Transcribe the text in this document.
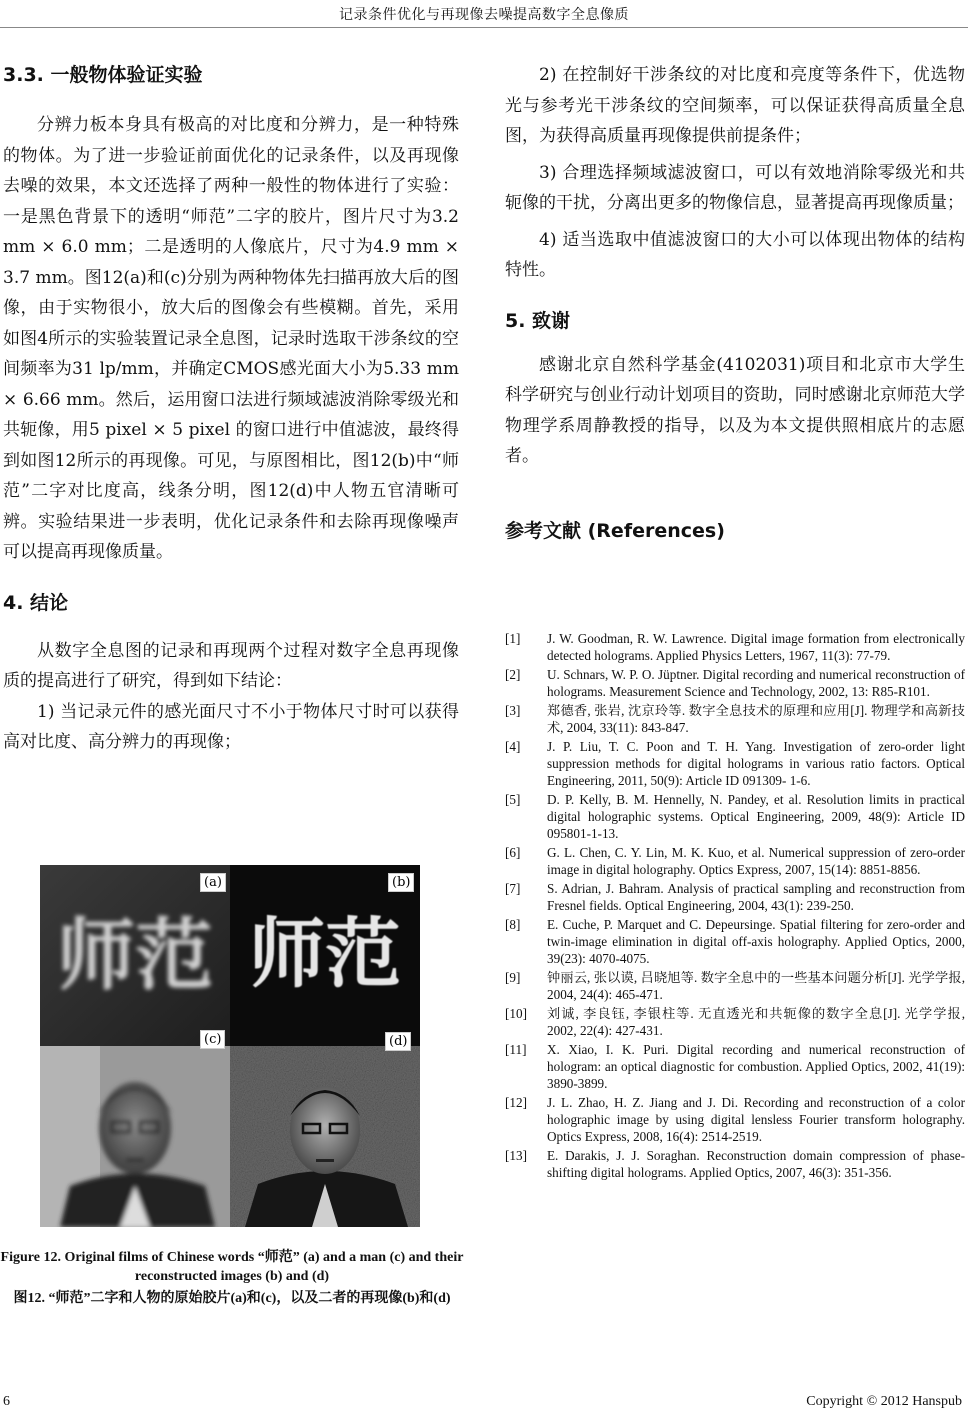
记录条件优化与再现像去噪提高数字全息像质
3.3. 一般物体验证实验

分辨力板本身具有极高的对比度和分辨力，是一种特殊的物体。为了进一步验证前面优化的记录条件，以及再现像去噪的效果，本文还选择了两种一般性的物体进行了实验：一是黑色背景下的透明“师范”二字的胶片，图片尺寸为3.2 mm × 6.0 mm；二是透明的人像底片，尺寸为4.9 mm × 3.7 mm。图12(a)和(c)分别为两种物体先扫描再放大后的图像，由于实物很小，放大后的图像会有些模糊。首先，采用如图4所示的实验装置记录全息图，记录时选取干涉条纹的空间频率为31 lp/mm，并确定CMOS感光面大小为5.33 mm × 6.66 mm。然后，运用窗口法进行频域滤波消除零级光和共轭像，用5 pixel × 5 pixel 的窗口进行中值滤波，最终得到如图12所示的再现像。可见，与原图相比，图12(b)中“师范”二字对比度高，线条分明，图12(d)中人物五官清晰可辨。实验结果进一步表明，优化记录条件和去除再现像噪声可以提高再现像质量。

4. 结论

从数字全息图的记录和再现两个过程对数字全息再现像质的提高进行了研究，得到如下结论：

1) 当记录元件的感光面尺寸不小于物体尺寸时可以获得高对比度、高分辨力的再现像；

师范 师范
(a)	(b)
(c)	(d)
Figure 12. Original films of Chinese words “师范” (a) and a man (c) and their reconstructed images (b) and (d)
图12. “师范”二字和人物的原始胶片(a)和(c)，以及二者的再现像(b)和(d)

2) 在控制好干涉条纹的对比度和亮度等条件下，优选物光与参考光干涉条纹的空间频率，可以保证获得高质量全息图，为获得高质量再现像提供前提条件；

3) 合理选择频域滤波窗口，可以有效地消除零级光和共轭像的干扰，分离出更多的物像信息，显著提高再现像质量；

4) 适当选取中值滤波窗口的大小可以体现出物体的结构特性。

5. 致谢

感谢北京自然科学基金(4102031)项目和北京市大学生科学研究与创业行动计划项目的资助，同时感谢北京师范大学物理学系周静教授的指导，以及为本文提供照相底片的志愿者。

参考文献 (References)
[1]	J. W. Goodman, R. W. Lawrence. Digital image formation from electronically detected holograms. Applied Physics Letters, 1967, 11(3): 77-79.
[2]	U. Schnars, W. P. O. Jüptner. Digital recording and numerical reconstruction of holograms. Measurement Science and Technology, 2002, 13: R85-R101.
[3]	郑德香, 张岩, 沈京玲等. 数字全息技术的原理和应用[J]. 物理学和高新技术, 2004, 33(11): 843-847.
[4]	J. P. Liu, T. C. Poon and T. H. Yang. Investigation of zero-order light suppression methods for digital holograms in various ratio factors. Optical Engineering, 2011, 50(9): Article ID 091309- 1-6.
[5]	D. P. Kelly, B. M. Hennelly, N. Pandey, et al. Resolution limits in practical digital holographic systems. Optical Engineering, 2009, 48(9): Article ID 095801-1-13.
[6]	G. L. Chen, C. Y. Lin, M. K. Kuo, et al. Numerical suppression of zero-order image in digital holography. Optics Express, 2007, 15(14): 8851-8856.
[7]	S. Adrian, J. Bahram. Analysis of practical sampling and reconstruction from Fresnel fields. Optical Engineering, 2004, 43(1): 239-250.
[8]	E. Cuche, P. Marquet and C. Depeursinge. Spatial filtering for zero-order and twin-image elimination in digital off-axis holography. Applied Optics, 2000, 39(23): 4070-4075.
[9]	钟丽云, 张以谟, 吕晓旭等. 数字全息中的一些基本问题分析[J]. 光学学报, 2004, 24(4): 465-471.
[10]	刘诚, 李良钰, 李银柱等. 无直透光和共轭像的数字全息[J]. 光学学报, 2002, 22(4): 427-431.
[11]	X. Xiao, I. K. Puri. Digital recording and numerical reconstruction of hologram: an optical diagnostic for combustion. Applied Optics, 2002, 41(19): 3890-3899.
[12]	J. L. Zhao, H. Z. Jiang and J. Di. Recording and reconstruction of a color holographic image by using digital lensless Fourier transform holography. Optics Express, 2008, 16(4): 2514-2519.
[13]	E. Darakis, J. J. Soraghan. Reconstruction domain compression of phase-shifting digital holograms. Applied Optics, 2007, 46(3): 351-356.
6	Copyright © 2012 Hanspub
